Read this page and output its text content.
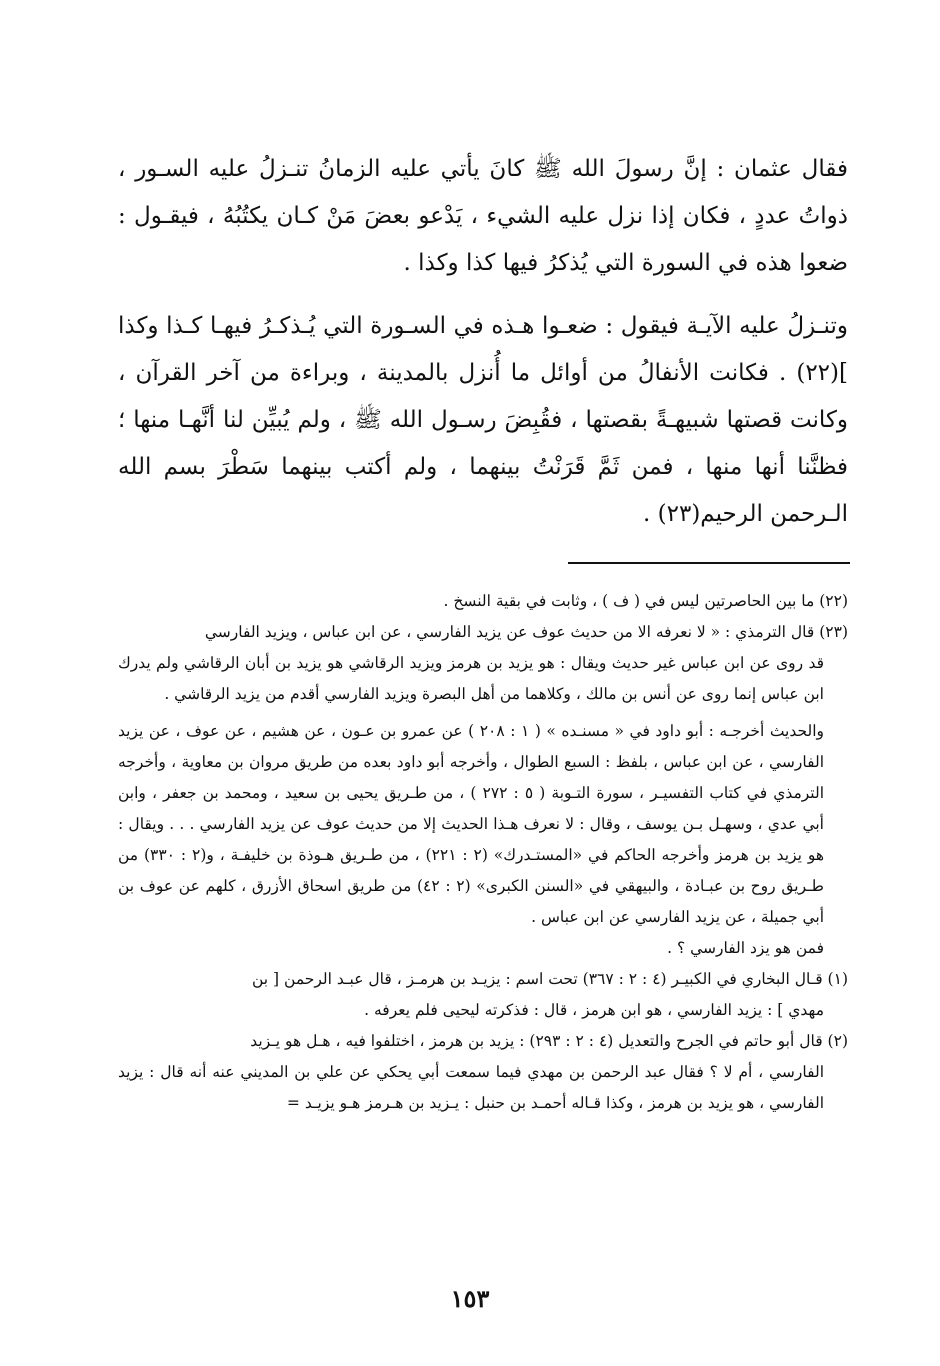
فقال عثمان : إنَّ رسولَ الله ﷺ كانَ يأتي عليه الزمانُ تنـزلُ عليه السـور ، ذواتُ عددٍ ، فكان إذا نزل عليه الشيء ، يَدْعو بعضَ مَنْ كـان يكتُبُهُ ، فيقـول : ضعوا هذه في السورة التي يُذكرُ فيها كذا وكذا .

وتنـزلُ عليه الآيـة فيقول : ضعـوا هـذه في السـورة التي يُـذكـرُ فيهـا كـذا وكذا ](٢٢) . فكانت الأنفالُ من أوائل ما أُنزل بالمدينة ، وبراءة من آخر القرآن ، وكانت قصتها شبيهـةً بقصتها ، فقُبِضَ رسـول الله ﷺ ، ولم يُبيِّن لنا أنَّهـا منها ؛ فظنَّنا أنها منها ، فمن ثَمَّ قَرَنْتُ بينهما ، ولم أكتب بينهما سَطْرَ بسم الله الـرحمن الرحيم(٢٣) .

(٢٢) ما بين الحاصرتين ليس في ( ف ) ، وثابت في بقية النسخ .

(٢٣) قال الترمذي : « لا نعرفه الا من حديث عوف عن يزيد الفارسي ، عن ابن عباس ، ويزيد الفارسي

قد روى عن ابن عباس غير حديث ويقال : هو يزيد بن هرمز ويزيد الرقاشي هو يزيد بن أبان الرقاشي ولم يدرك ابن عباس إنما روى عن أنس بن مالك ، وكلاهما من أهل البصرة ويزيد الفارسي أقدم من يزيد الرقاشي .

والحديث أخرجـه : أبو داود في « مسنـده » ( ١ : ٢٠٨ ) عن عمرو بن عـون ، عن هشيم ، عن عوف ، عن يزيد الفارسي ، عن ابن عباس ، بلفظ : السبع الطوال ، وأخرجه أبو داود بعده من طريق مروان بن معاوية ، وأخرجه الترمذي في كتاب التفسيـر ، سورة التـوبة ( ٥ : ٢٧٢ ) ، من طـريق يحيى بن سعيد ، ومحمد بن جعفر ، وابن أبي عدي ، وسهـل بـن يوسف ، وقال : لا نعرف هـذا الحديث إلا من حديث عوف عن يزيد الفارسي . . . ويقال : هو يزيد بن هرمز وأخرجه الحاكم في «المستـدرك» (٢ : ٢٢١) ، من طـريق هـوذة بن خليفـة ، و(٢ : ٣٣٠) من طـريق روح بن عبـادة ، والبيهقي في «السنن الكبرى» (٢ : ٤٢) من طريق اسحاق الأزرق ، كلهم عن عوف بن أبي جميلة ، عن يزيد الفارسي عن ابن عباس .

فمن هو يزد الفارسي ؟ .

(١) قـال البخاري في الكبيـر (٤ : ٢ : ٣٦٧) تحت اسم : يزيـد بن هرمـز ، قال عبـد الرحمن [ بن

مهدي ] : يزيد الفارسي ، هو ابن هرمز ، قال : فذكرته ليحيى فلم يعرفه .

(٢) قال أبو حاتم في الجرح والتعديل (٤ : ٢ : ٢٩٣) : يزيد بن هرمز ، اختلفوا فيه ، هـل هو يـزيد

الفارسي ، أم لا ؟ فقال عبد الرحمن بن مهدي فيما سمعت أبي يحكي عن علي بن المديني عنه أنه قال : يزيد الفارسي ، هو يزيد بن هرمز ، وكذا قـاله أحمـد بن حنبل : يـزيد بن هـرمز هـو يزيـد =

١٥٣
